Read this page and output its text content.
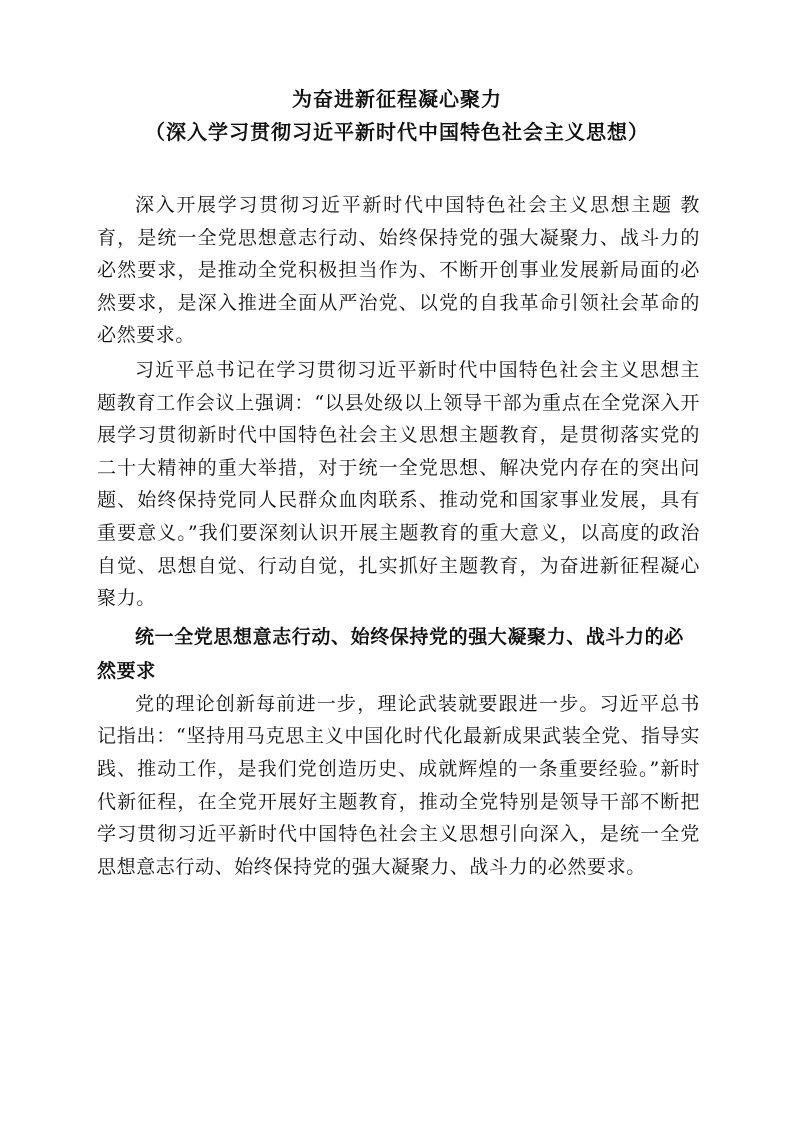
为奋进新征程凝心聚力
（深入学习贯彻习近平新时代中国特色社会主义思想）

深入开展学习贯彻习近平新时代中国特色社会主义思想主题 教育，是统一全党思想意志行动、始终保持党的强大凝聚力、战斗力的必然要求，是推动全党积极担当作为、不断开创事业发展新局面的必然要求，是深入推进全面从严治党、以党的自我革命引领社会革命的必然要求。

习近平总书记在学习贯彻习近平新时代中国特色社会主义思想主题教育工作会议上强调：“以县处级以上领导干部为重点在全党深入开展学习贯彻新时代中国特色社会主义思想主题教育，是贯彻落实党的二十大精神的重大举措，对于统一全党思想、解决党内存在的突出问题、始终保持党同人民群众血肉联系、推动党和国家事业发展，具有重要意义。”我们要深刻认识开展主题教育的重大意义，以高度的政治自觉、思想自觉、行动自觉，扎实抓好主题教育，为奋进新征程凝心聚力。

统一全党思想意志行动、始终保持党的强大凝聚力、战斗力的必然要求

党的理论创新每前进一步，理论武装就要跟进一步。习近平总书记指出：“坚持用马克思主义中国化时代化最新成果武装全党、指导实践、推动工作，是我们党创造历史、成就辉煌的一条重要经验。”新时代新征程，在全党开展好主题教育，推动全党特别是领导干部不断把学习贯彻习近平新时代中国特色社会主义思想引向深入，是统一全党思想意志行动、始终保持党的强大凝聚力、战斗力的必然要求。
